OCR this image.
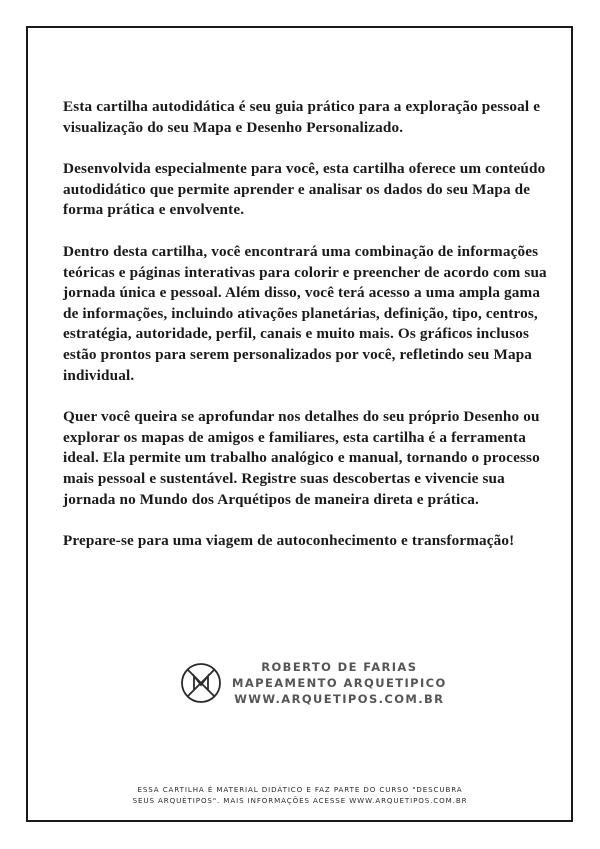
Esta cartilha autodidática é seu guia prático para a exploração pessoal e visualização do seu Mapa e Desenho Personalizado.

Desenvolvida especialmente para você, esta cartilha oferece um conteúdo autodidático que permite aprender e analisar os dados do seu Mapa de forma prática e envolvente.

Dentro desta cartilha, você encontrará uma combinação de informações teóricas e páginas interativas para colorir e preencher de acordo com sua jornada única e pessoal. Além disso, você terá acesso a uma ampla gama de informações, incluindo ativações planetárias, definição, tipo, centros, estratégia, autoridade, perfil, canais e muito mais. Os gráficos inclusos estão prontos para serem personalizados por você, refletindo seu Mapa individual.

Quer você queira se aprofundar nos detalhes do seu próprio Desenho ou explorar os mapas de amigos e familiares, esta cartilha é a ferramenta ideal. Ela permite um trabalho analógico e manual, tornando o processo mais pessoal e sustentável. Registre suas descobertas e vivencie sua jornada no Mundo dos Arquétipos de maneira direta e prática.

Prepare-se para uma viagem de autoconhecimento e transformação!

ROBERTO DE FARIAS
MAPEAMENTO ARQUETIPICO
WWW.ARQUETIPOS.COM.BR
ESSA CARTILHA É MATERIAL DIDÁTICO E FAZ PARTE DO CURSO "DESCUBRA
SEUS ARQUÉTIPOS". MAIS INFORMAÇÕES ACESSE WWW.ARQUETIPOS.COM.BR
